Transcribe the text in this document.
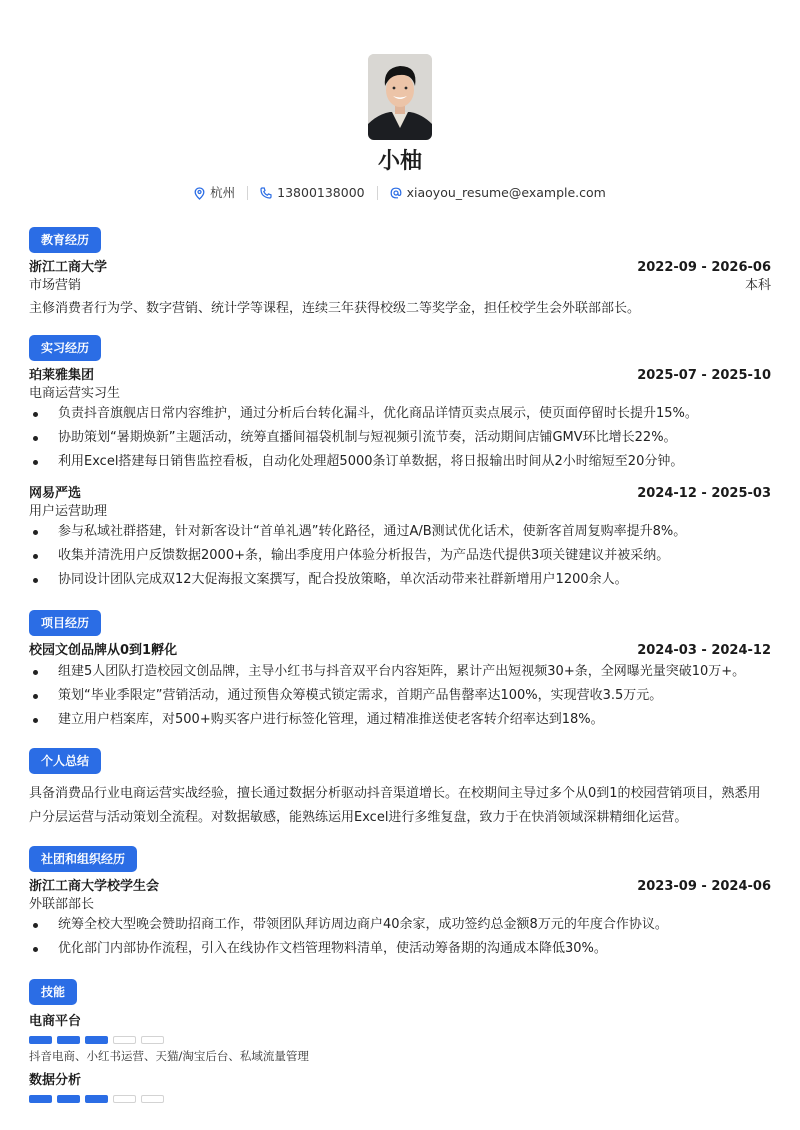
小柚
杭州	13800138000	xiaoyou_resume@example.com
教育经历
浙江工商大学	2022-09 - 2026-06
市场营销	本科
主修消费者行为学、数字营销、统计学等课程，连续三年获得校级二等奖学金，担任校学生会外联部部长。
实习经历
珀莱雅集团	2025-07 - 2025-10
电商运营实习生
负责抖音旗舰店日常内容维护，通过分析后台转化漏斗，优化商品详情页卖点展示，使页面停留时长提升15%。
协助策划“暑期焕新”主题活动，统筹直播间福袋机制与短视频引流节奏，活动期间店铺GMV环比增长22%。
利用Excel搭建每日销售监控看板，自动化处理超5000条订单数据，将日报输出时间从2小时缩短至20分钟。
网易严选	2024-12 - 2025-03
用户运营助理
参与私域社群搭建，针对新客设计“首单礼遇”转化路径，通过A/B测试优化话术，使新客首周复购率提升8%。
收集并清洗用户反馈数据2000+条，输出季度用户体验分析报告，为产品迭代提供3项关键建议并被采纳。
协同设计团队完成双12大促海报文案撰写，配合投放策略，单次活动带来社群新增用户1200余人。
项目经历
校园文创品牌从0到1孵化	2024-03 - 2024-12
组建5人团队打造校园文创品牌，主导小红书与抖音双平台内容矩阵，累计产出短视频30+条，全网曝光量突破10万+。
策划“毕业季限定”营销活动，通过预售众筹模式锁定需求，首期产品售罄率达100%，实现营收3.5万元。
建立用户档案库，对500+购买客户进行标签化管理，通过精准推送使老客转介绍率达到18%。
个人总结
具备消费品行业电商运营实战经验，擅长通过数据分析驱动抖音渠道增长。在校期间主导过多个从0到1的校园营销项目，熟悉用
户分层运营与活动策划全流程。对数据敏感，能熟练运用Excel进行多维复盘，致力于在快消领域深耕精细化运营。
社团和组织经历
浙江工商大学校学生会	2023-09 - 2024-06
外联部部长
统筹全校大型晚会赞助招商工作，带领团队拜访周边商户40余家，成功签约总金额8万元的年度合作协议。
优化部门内部协作流程，引入在线协作文档管理物料清单，使活动筹备期的沟通成本降低30%。
技能
电商平台
抖音电商、小红书运营、天猫/淘宝后台、私域流量管理
数据分析
